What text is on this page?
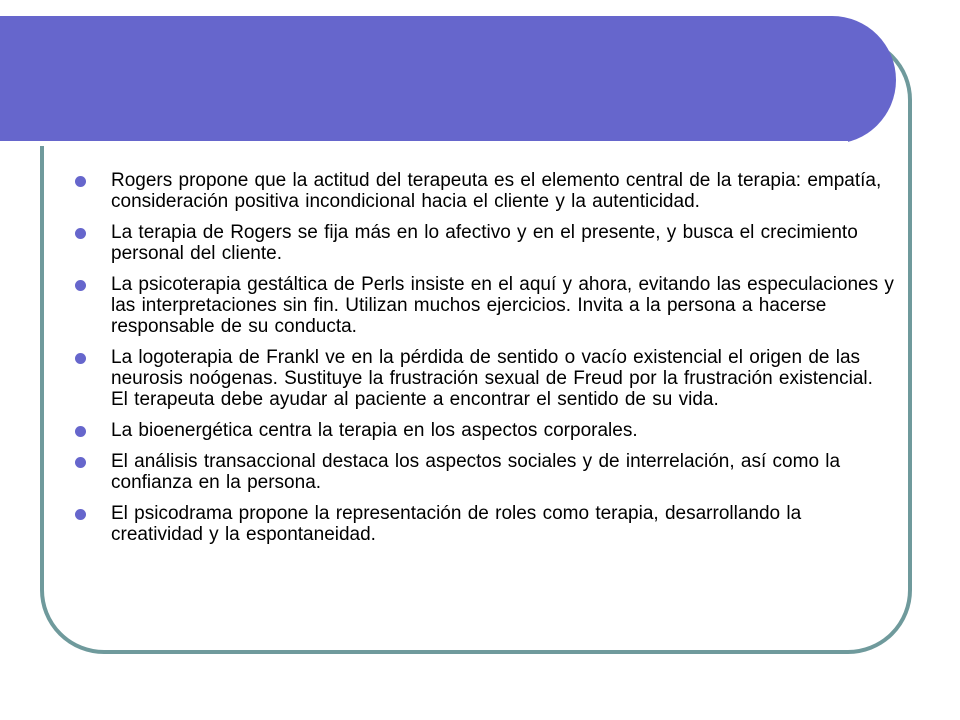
Rogers propone que la actitud del terapeuta es el elemento central de la terapia: empatía, consideración positiva incondicional hacia el cliente y la autenticidad.
La terapia de Rogers se fija más en lo afectivo y en el presente, y busca el crecimiento personal del cliente.
La psicoterapia gestáltica de Perls insiste en el aquí y ahora, evitando las especulaciones y las interpretaciones sin fin. Utilizan muchos ejercicios. Invita a la persona a hacerse responsable de su conducta.
La logoterapia de Frankl ve en la pérdida de sentido o vacío existencial el origen de las neurosis noógenas. Sustituye la frustración sexual de Freud por la frustración existencial. El terapeuta debe ayudar al paciente a encontrar el sentido de su vida.
La bioenergética centra la terapia en los aspectos corporales.
El análisis transaccional destaca los aspectos sociales y de interrelación, así como la confianza en la persona.
El psicodrama propone la representación de roles como terapia, desarrollando la creatividad y la espontaneidad.
